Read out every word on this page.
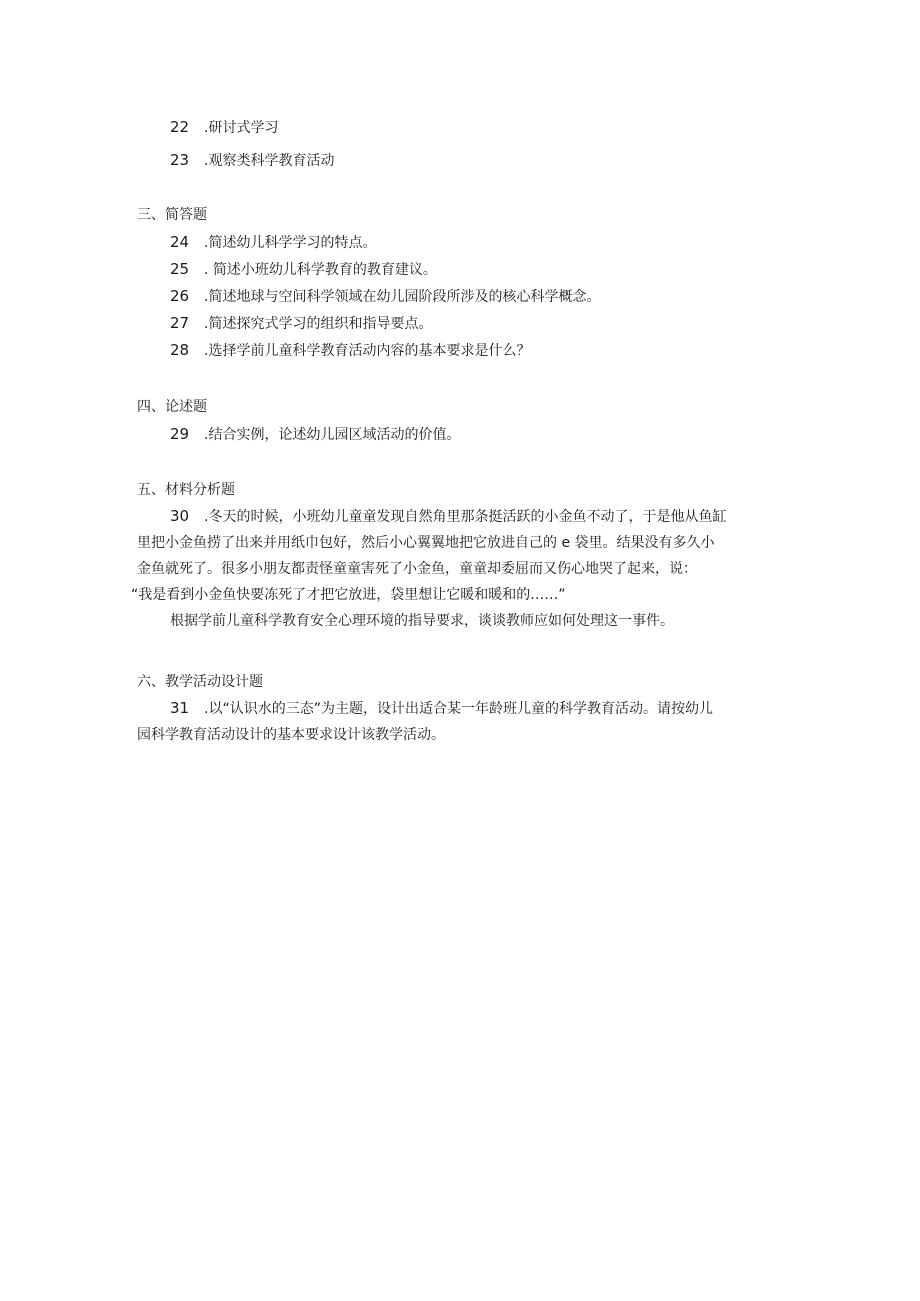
22 .研讨式学习
23 .观察类科学教育活动
三、简答题
24 .简述幼儿科学学习的特点。
25 . 简述小班幼儿科学教育的教育建议。
26 .简述地球与空间科学领域在幼儿园阶段所涉及的核心科学概念。
27 .简述探究式学习的组织和指导要点。
28 .选择学前儿童科学教育活动内容的基本要求是什么？
四、论述题
29 .结合实例，论述幼儿园区域活动的价值。
五、材料分析题
30 .冬天的时候，小班幼儿童童发现自然角里那条挺活跃的小金鱼不动了，于是他从鱼缸
里把小金鱼捞了出来并用纸巾包好，然后小心翼翼地把它放进自己的 e 袋里。结果没有多久小
金鱼就死了。很多小朋友都责怪童童害死了小金鱼，童童却委屈而又伤心地哭了起来，说：
“我是看到小金鱼快要冻死了才把它放进，袋里想让它暖和暖和的……”
根据学前儿童科学教育安全心理环境的指导要求，谈谈教师应如何处理这一事件。
六、教学活动设计题
31 .以“认识水的三态”为主题，设计出适合某一年龄班儿童的科学教育活动。请按幼儿
园科学教育活动设计的基本要求设计该教学活动。
